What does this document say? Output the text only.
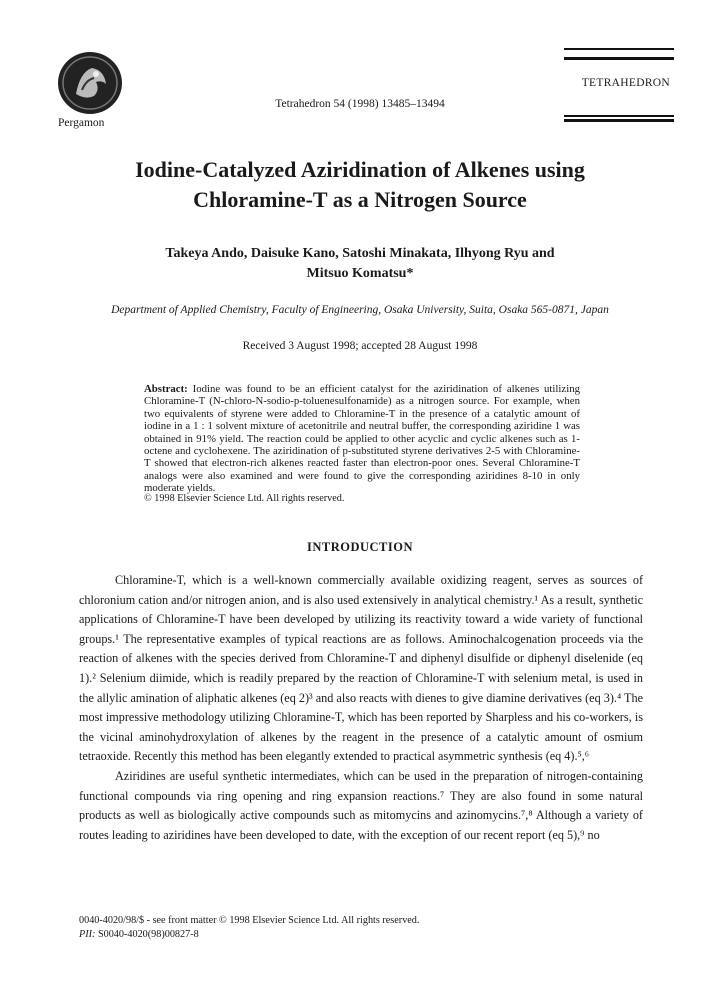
Pergamon
Tetrahedron 54 (1998) 13485–13494
TETRAHEDRON
Iodine-Catalyzed Aziridination of Alkenes using
Chloramine-T as a Nitrogen Source
Takeya Ando, Daisuke Kano, Satoshi Minakata, Ilhyong Ryu and
Mitsuo Komatsu*
Department of Applied Chemistry, Faculty of Engineering, Osaka University, Suita, Osaka 565-0871, Japan
Received 3 August 1998; accepted 28 August 1998
Abstract: Iodine was found to be an efficient catalyst for the aziridination of alkenes utilizing Chloramine-T (N-chloro-N-sodio-p-toluenesulfonamide) as a nitrogen source. For example, when two equivalents of styrene were added to Chloramine-T in the presence of a catalytic amount of iodine in a 1 : 1 solvent mixture of acetonitrile and neutral buffer, the corresponding aziridine 1 was obtained in 91% yield. The reaction could be applied to other acyclic and cyclic alkenes such as 1-octene and cyclohexene. The aziridination of p-substituted styrene derivatives 2-5 with Chloramine-T showed that electron-rich alkenes reacted faster than electron-poor ones. Several Chloramine-T analogs were also examined and were found to give the corresponding aziridines 8-10 in only moderate yields.
© 1998 Elsevier Science Ltd. All rights reserved.
INTRODUCTION

Chloramine-T, which is a well-known commercially available oxidizing reagent, serves as sources of chloronium cation and/or nitrogen anion, and is also used extensively in analytical chemistry.¹ As a result, synthetic applications of Chloramine-T have been developed by utilizing its reactivity toward a wide variety of functional groups.¹ The representative examples of typical reactions are as follows. Aminochalcogenation proceeds via the reaction of alkenes with the species derived from Chloramine-T and diphenyl disulfide or diphenyl diselenide (eq 1).² Selenium diimide, which is readily prepared by the reaction of Chloramine-T with selenium metal, is used in the allylic amination of aliphatic alkenes (eq 2)³ and also reacts with dienes to give diamine derivatives (eq 3).⁴ The most impressive methodology utilizing Chloramine-T, which has been reported by Sharpless and his co-workers, is the vicinal aminohydroxylation of alkenes by the reagent in the presence of a catalytic amount of osmium tetraoxide. Recently this method has been elegantly extended to practical asymmetric synthesis (eq 4).⁵,⁶

Aziridines are useful synthetic intermediates, which can be used in the preparation of nitrogen-containing functional compounds via ring opening and ring expansion reactions.⁷ They are also found in some natural products as well as biologically active compounds such as mitomycins and azinomycins.⁷,⁸ Although a variety of routes leading to aziridines have been developed to date, with the exception of our recent report (eq 5),⁹ no

0040-4020/98/$ - see front matter © 1998 Elsevier Science Ltd. All rights reserved.
PII: S0040-4020(98)00827-8
